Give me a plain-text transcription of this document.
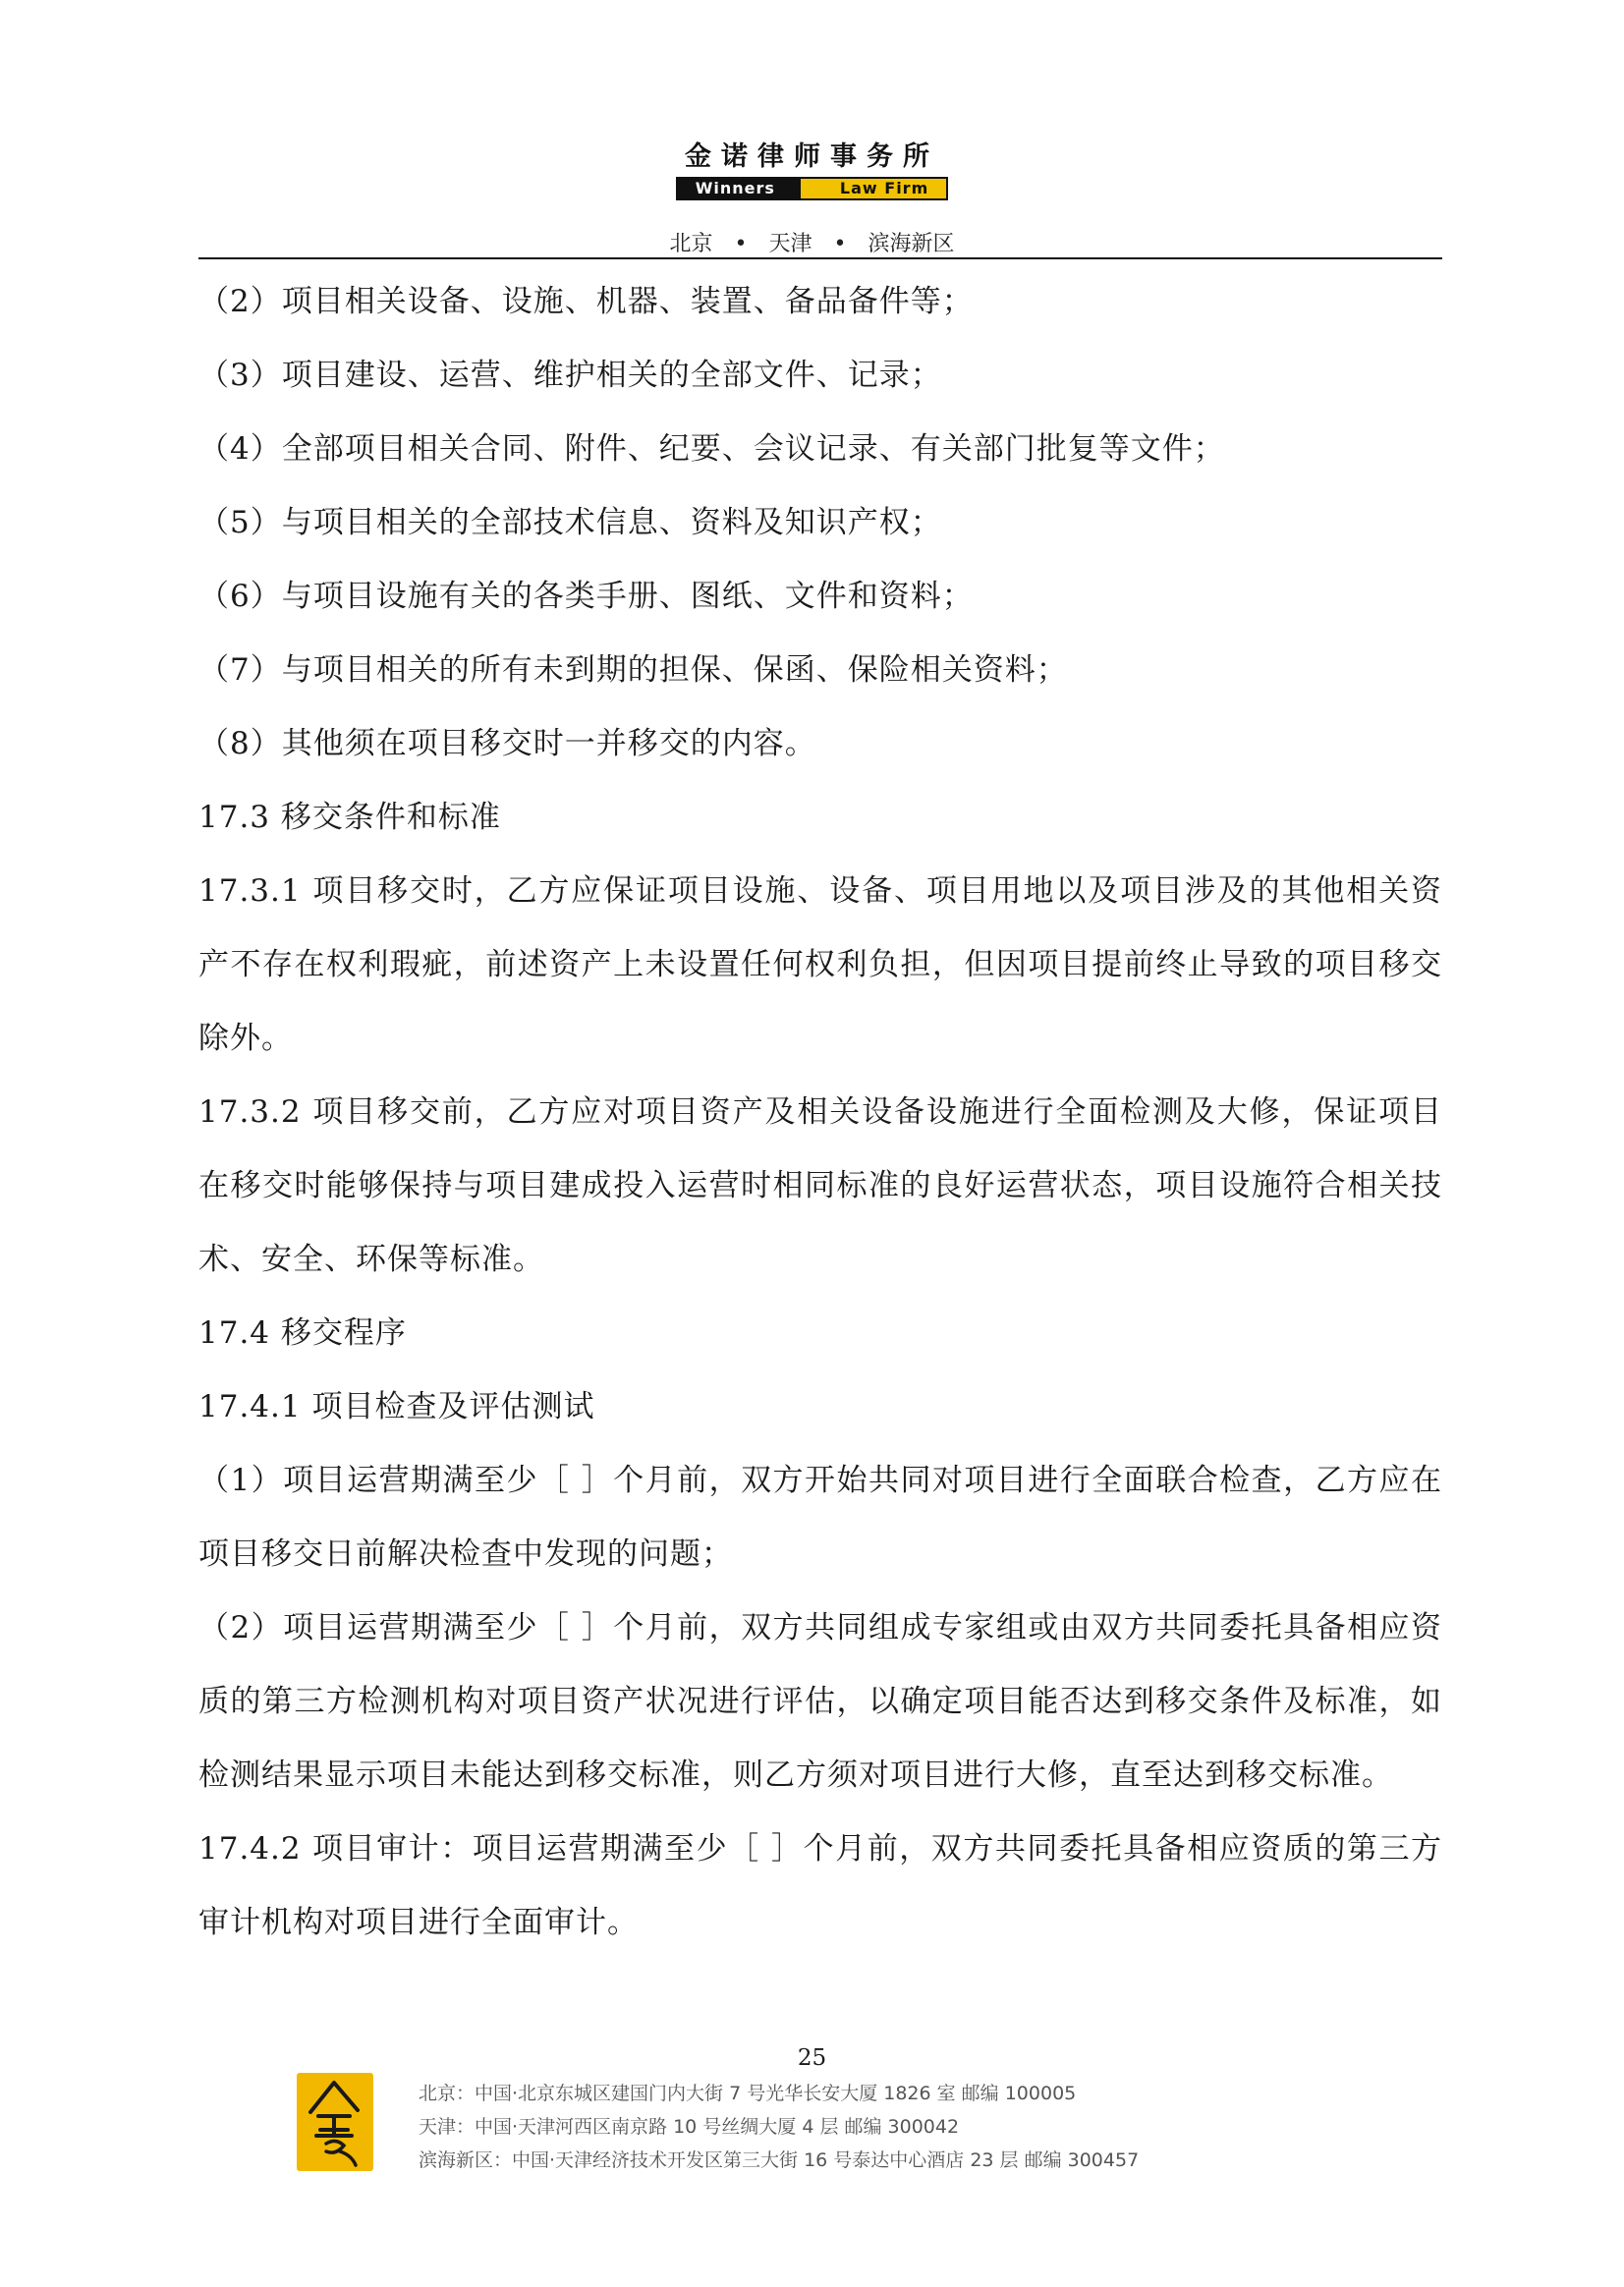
金诺律师事务所
Winners	Law Firm
北京 • 天津 • 滨海新区

（2）项目相关设备、设施、机器、装置、备品备件等；

（3）项目建设、运营、维护相关的全部文件、记录；

（4）全部项目相关合同、附件、纪要、会议记录、有关部门批复等文件；

（5）与项目相关的全部技术信息、资料及知识产权；

（6）与项目设施有关的各类手册、图纸、文件和资料；

（7）与项目相关的所有未到期的担保、保函、保险相关资料；

（8）其他须在项目移交时一并移交的内容。

17.3 移交条件和标准

17.3.1 项目移交时，乙方应保证项目设施、设备、项目用地以及项目涉及的其他相关资产不存在权利瑕疵，前述资产上未设置任何权利负担，但因项目提前终止导致的项目移交除外。

17.3.2 项目移交前，乙方应对项目资产及相关设备设施进行全面检测及大修，保证项目在移交时能够保持与项目建成投入运营时相同标准的良好运营状态，项目设施符合相关技术、安全、环保等标准。

17.4 移交程序

17.4.1 项目检查及评估测试

（1）项目运营期满至少［ ］个月前，双方开始共同对项目进行全面联合检查，乙方应在项目移交日前解决检查中发现的问题；

（2）项目运营期满至少［ ］个月前，双方共同组成专家组或由双方共同委托具备相应资质的第三方检测机构对项目资产状况进行评估，以确定项目能否达到移交条件及标准，如检测结果显示项目未能达到移交标准，则乙方须对项目进行大修，直至达到移交标准。

17.4.2 项目审计：项目运营期满至少［ ］个月前，双方共同委托具备相应资质的第三方审计机构对项目进行全面审计。

25
北京：中国·北京东城区建国门内大街 7 号光华长安大厦 1826 室 邮编 100005
天津：中国·天津河西区南京路 10 号丝绸大厦 4 层 邮编 300042
滨海新区：中国·天津经济技术开发区第三大街 16 号泰达中心酒店 23 层 邮编 300457
